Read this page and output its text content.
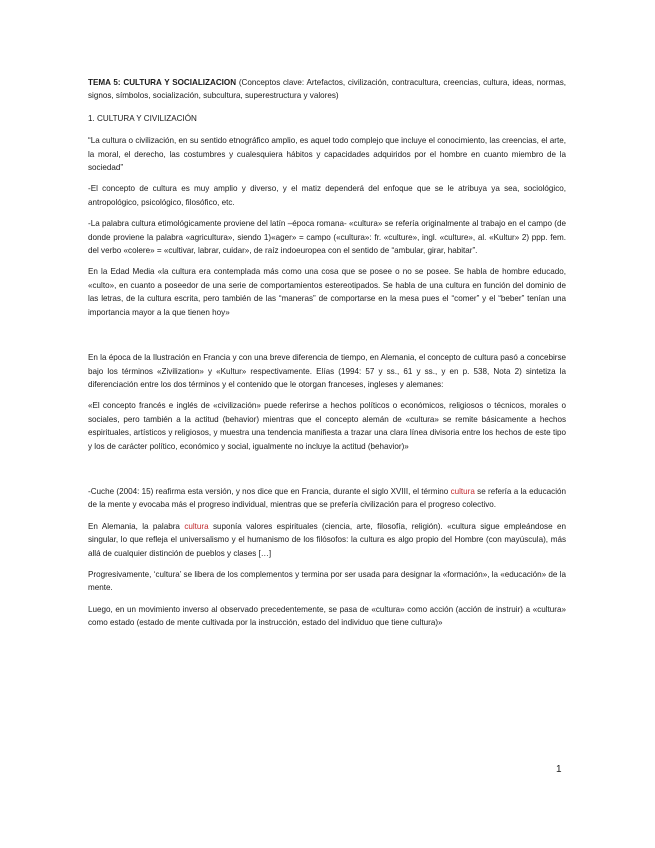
TEMA 5: CULTURA Y SOCIALIZACION (Conceptos clave: Artefactos, civilización, contracultura, creencias, cultura, ideas, normas, signos, símbolos, socialización, subcultura, superestructura y valores)

1. CULTURA Y CIVILIZACIÓN

“La cultura o civilización, en su sentido etnográfico amplio, es aquel todo complejo que incluye el conocimiento, las creencias, el arte, la moral, el derecho, las costumbres y cualesquiera hábitos y capacidades adquiridos por el hombre en cuanto miembro de la sociedad”

-El concepto de cultura es muy amplio y diverso, y el matiz dependerá del enfoque que se le atribuya ya sea, sociológico, antropológico, psicológico, filosófico, etc.

-La palabra cultura etimológicamente proviene del latín –época romana- «cultura» se refería originalmente al trabajo en el campo (de donde proviene la palabra «agricultura», siendo 1)«ager» = campo («cultura»: fr. «culture», ingl. «culture», al. «Kultur» 2) ppp. fem. del verbo «colere» = «cultivar, labrar, cuidar», de raíz indoeuropea con el sentido de “ambular, girar, habitar”.

En la Edad Media «la cultura era contemplada más como una cosa que se posee o no se posee. Se habla de hombre educado, «culto», en cuanto a poseedor de una serie de comportamientos estereotipados. Se habla de una cultura en función del dominio de las letras, de la cultura escrita, pero también de las “maneras” de comportarse en la mesa pues el “comer” y el “beber” tenían una importancia mayor a la que tienen hoy»

En la época de la Ilustración en Francia y con una breve diferencia de tiempo, en Alemania, el concepto de cultura pasó a concebirse bajo los términos «Zivilization» y «Kultur» respectivamente. Elías (1994: 57 y ss., 61 y ss., y en p. 538, Nota 2) sintetiza la diferenciación entre los dos términos y el contenido que le otorgan franceses, ingleses y alemanes:

«El concepto francés e inglés de «civilización» puede referirse a hechos políticos o económicos, religiosos o técnicos, morales o sociales, pero también a la actitud (behavior) mientras que el concepto alemán de «cultura» se remite básicamente a hechos espirituales, artísticos y religiosos, y muestra una tendencia manifiesta a trazar una clara línea divisoria entre los hechos de este tipo y los de carácter político, económico y social, igualmente no incluye la actitud (behavior)»

-Cuche (2004: 15) reafirma esta versión, y nos dice que en Francia, durante el siglo XVIII, el término cultura se refería a la educación de la mente y evocaba más el progreso individual, mientras que se prefería civilización para el progreso colectivo.

En Alemania, la palabra cultura suponía valores espirituales (ciencia, arte, filosofía, religión). «cultura sigue empleándose en singular, lo que refleja el universalismo y el humanismo de los filósofos: la cultura es algo propio del Hombre (con mayúscula), más allá de cualquier distinción de pueblos y clases […]

Progresivamente, ‘cultura’ se libera de los complementos y termina por ser usada para designar la «formación», la «educación» de la mente.

Luego, en un movimiento inverso al observado precedentemente, se pasa de «cultura» como acción (acción de instruir) a «cultura» como estado (estado de mente cultivada por la instrucción, estado del individuo que tiene cultura)»

1
